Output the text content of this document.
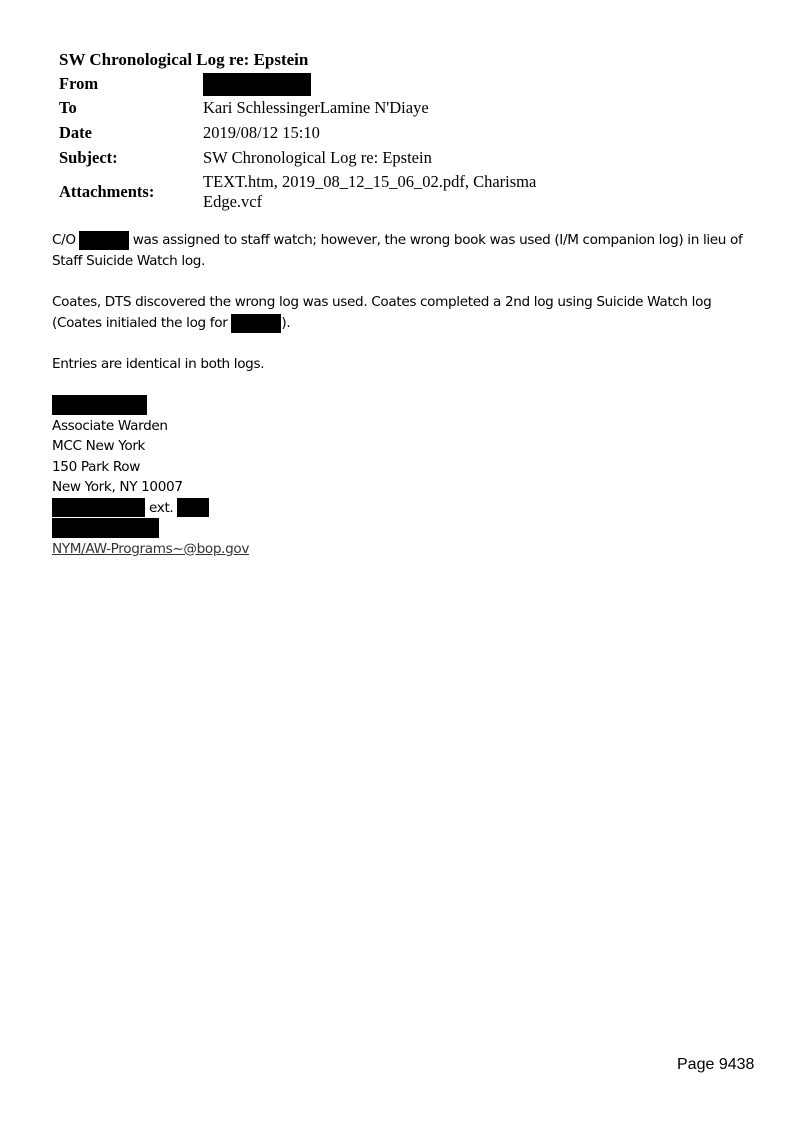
SW Chronological Log re: Epstein
From	
To	Kari SchlessingerLamine N'Diaye
Date	2019/08/12 15:10
Subject:	SW Chronological Log re: Epstein
Attachments:	TEXT.htm, 2019_08_12_15_06_02.pdf, Charisma
Edge.vcf
C/O	was assigned to staff watch; however, the wrong book was used (I/M companion log) in lieu of Staff Suicide Watch log.
Coates, DTS discovered the wrong log was used. Coates completed a 2nd log using Suicide Watch log (Coates initialed the log for	).
Entries are identical in both logs.
Associate Warden
MCC New York
150 Park Row
New York, NY 10007
ext.
NYM/AW-Programs~@bop.gov
Page 9438
